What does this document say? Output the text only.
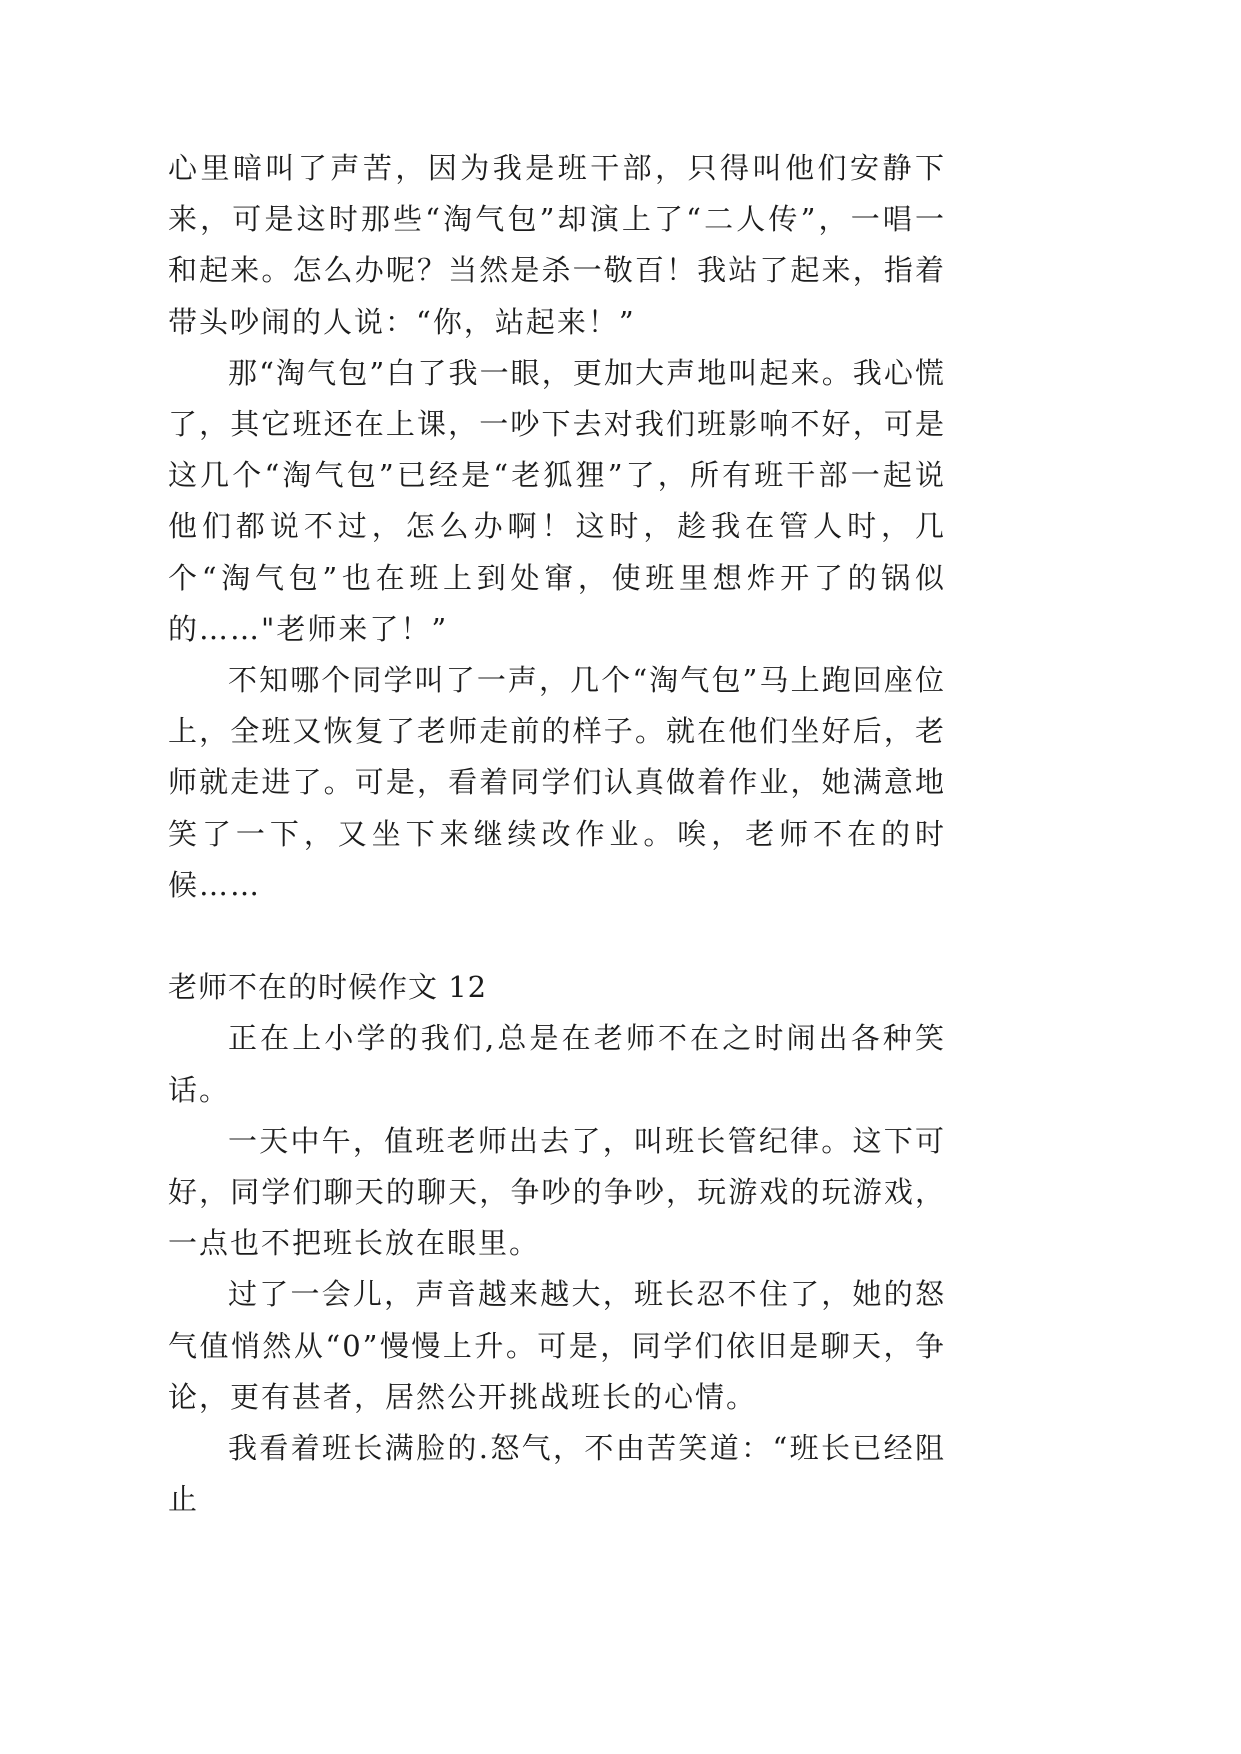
心里暗叫了声苦，因为我是班干部，只得叫他们安静下来，可是这时那些“淘气包”却演上了“二人传”，一唱一和起来。怎么办呢？当然是杀一敬百！我站了起来，指着带头吵闹的人说：“你，站起来！”

那“淘气包”白了我一眼，更加大声地叫起来。我心慌了，其它班还在上课，一吵下去对我们班影响不好，可是这几个“淘气包”已经是“老狐狸”了，所有班干部一起说他们都说不过，怎么办啊！这时，趁我在管人时，几个“淘气包”也在班上到处窜，使班里想炸开了的锅似的……"老师来了！”

不知哪个同学叫了一声，几个“淘气包”马上跑回座位上，全班又恢复了老师走前的样子。就在他们坐好后，老师就走进了。可是，看着同学们认真做着作业，她满意地笑了一下，又坐下来继续改作业。唉，老师不在的时候……

老师不在的时候作文 12

正在上小学的我们,总是在老师不在之时闹出各种笑话。

一天中午，值班老师出去了，叫班长管纪律。这下可好，同学们聊天的聊天，争吵的争吵，玩游戏的玩游戏，一点也不把班长放在眼里。

过了一会儿，声音越来越大，班长忍不住了，她的怒气值悄然从“0”慢慢上升。可是，同学们依旧是聊天，争论，更有甚者，居然公开挑战班长的心情。

我看着班长满脸的.怒气，不由苦笑道：“班长已经阻止
